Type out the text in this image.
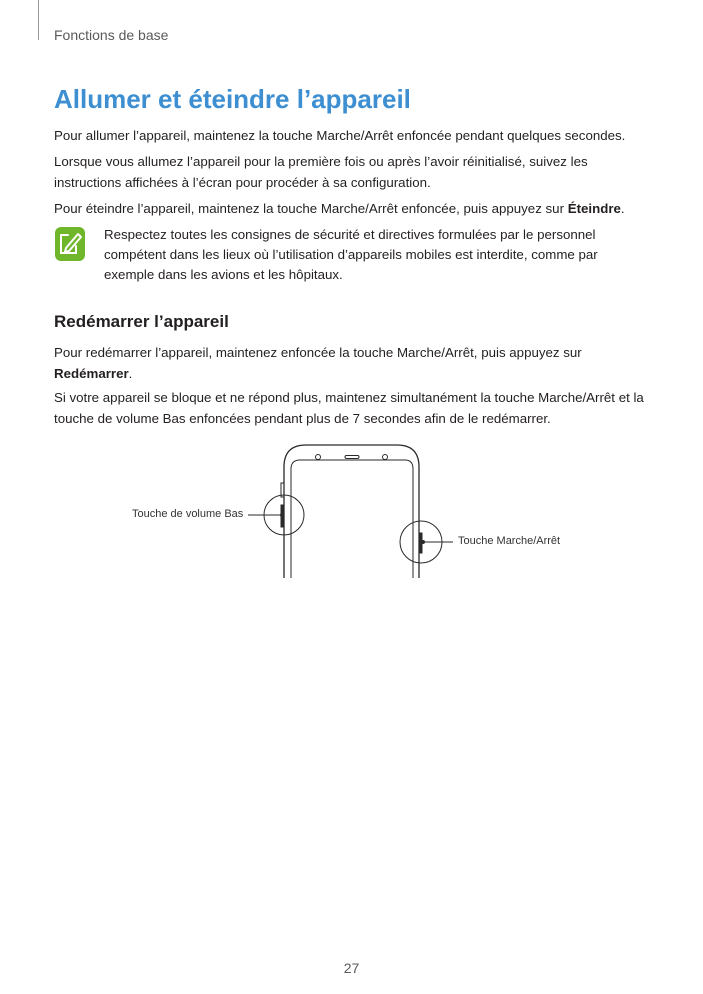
Fonctions de base
Allumer et éteindre l’appareil
Pour allumer l’appareil, maintenez la touche Marche/Arrêt enfoncée pendant quelques secondes.
Lorsque vous allumez l’appareil pour la première fois ou après l’avoir réinitialisé, suivez les instructions affichées à l’écran pour procéder à sa configuration.
Pour éteindre l’appareil, maintenez la touche Marche/Arrêt enfoncée, puis appuyez sur Éteindre.
Respectez toutes les consignes de sécurité et directives formulées par le personnel compétent dans les lieux où l’utilisation d’appareils mobiles est interdite, comme par exemple dans les avions et les hôpitaux.
Redémarrer l’appareil
Pour redémarrer l’appareil, maintenez enfoncée la touche Marche/Arrêt, puis appuyez sur Redémarrer.
Si votre appareil se bloque et ne répond plus, maintenez simultanément la touche Marche/Arrêt et la touche de volume Bas enfoncées pendant plus de 7 secondes afin de le redémarrer.
Touche de volume Bas
Touche Marche/Arrêt
27
